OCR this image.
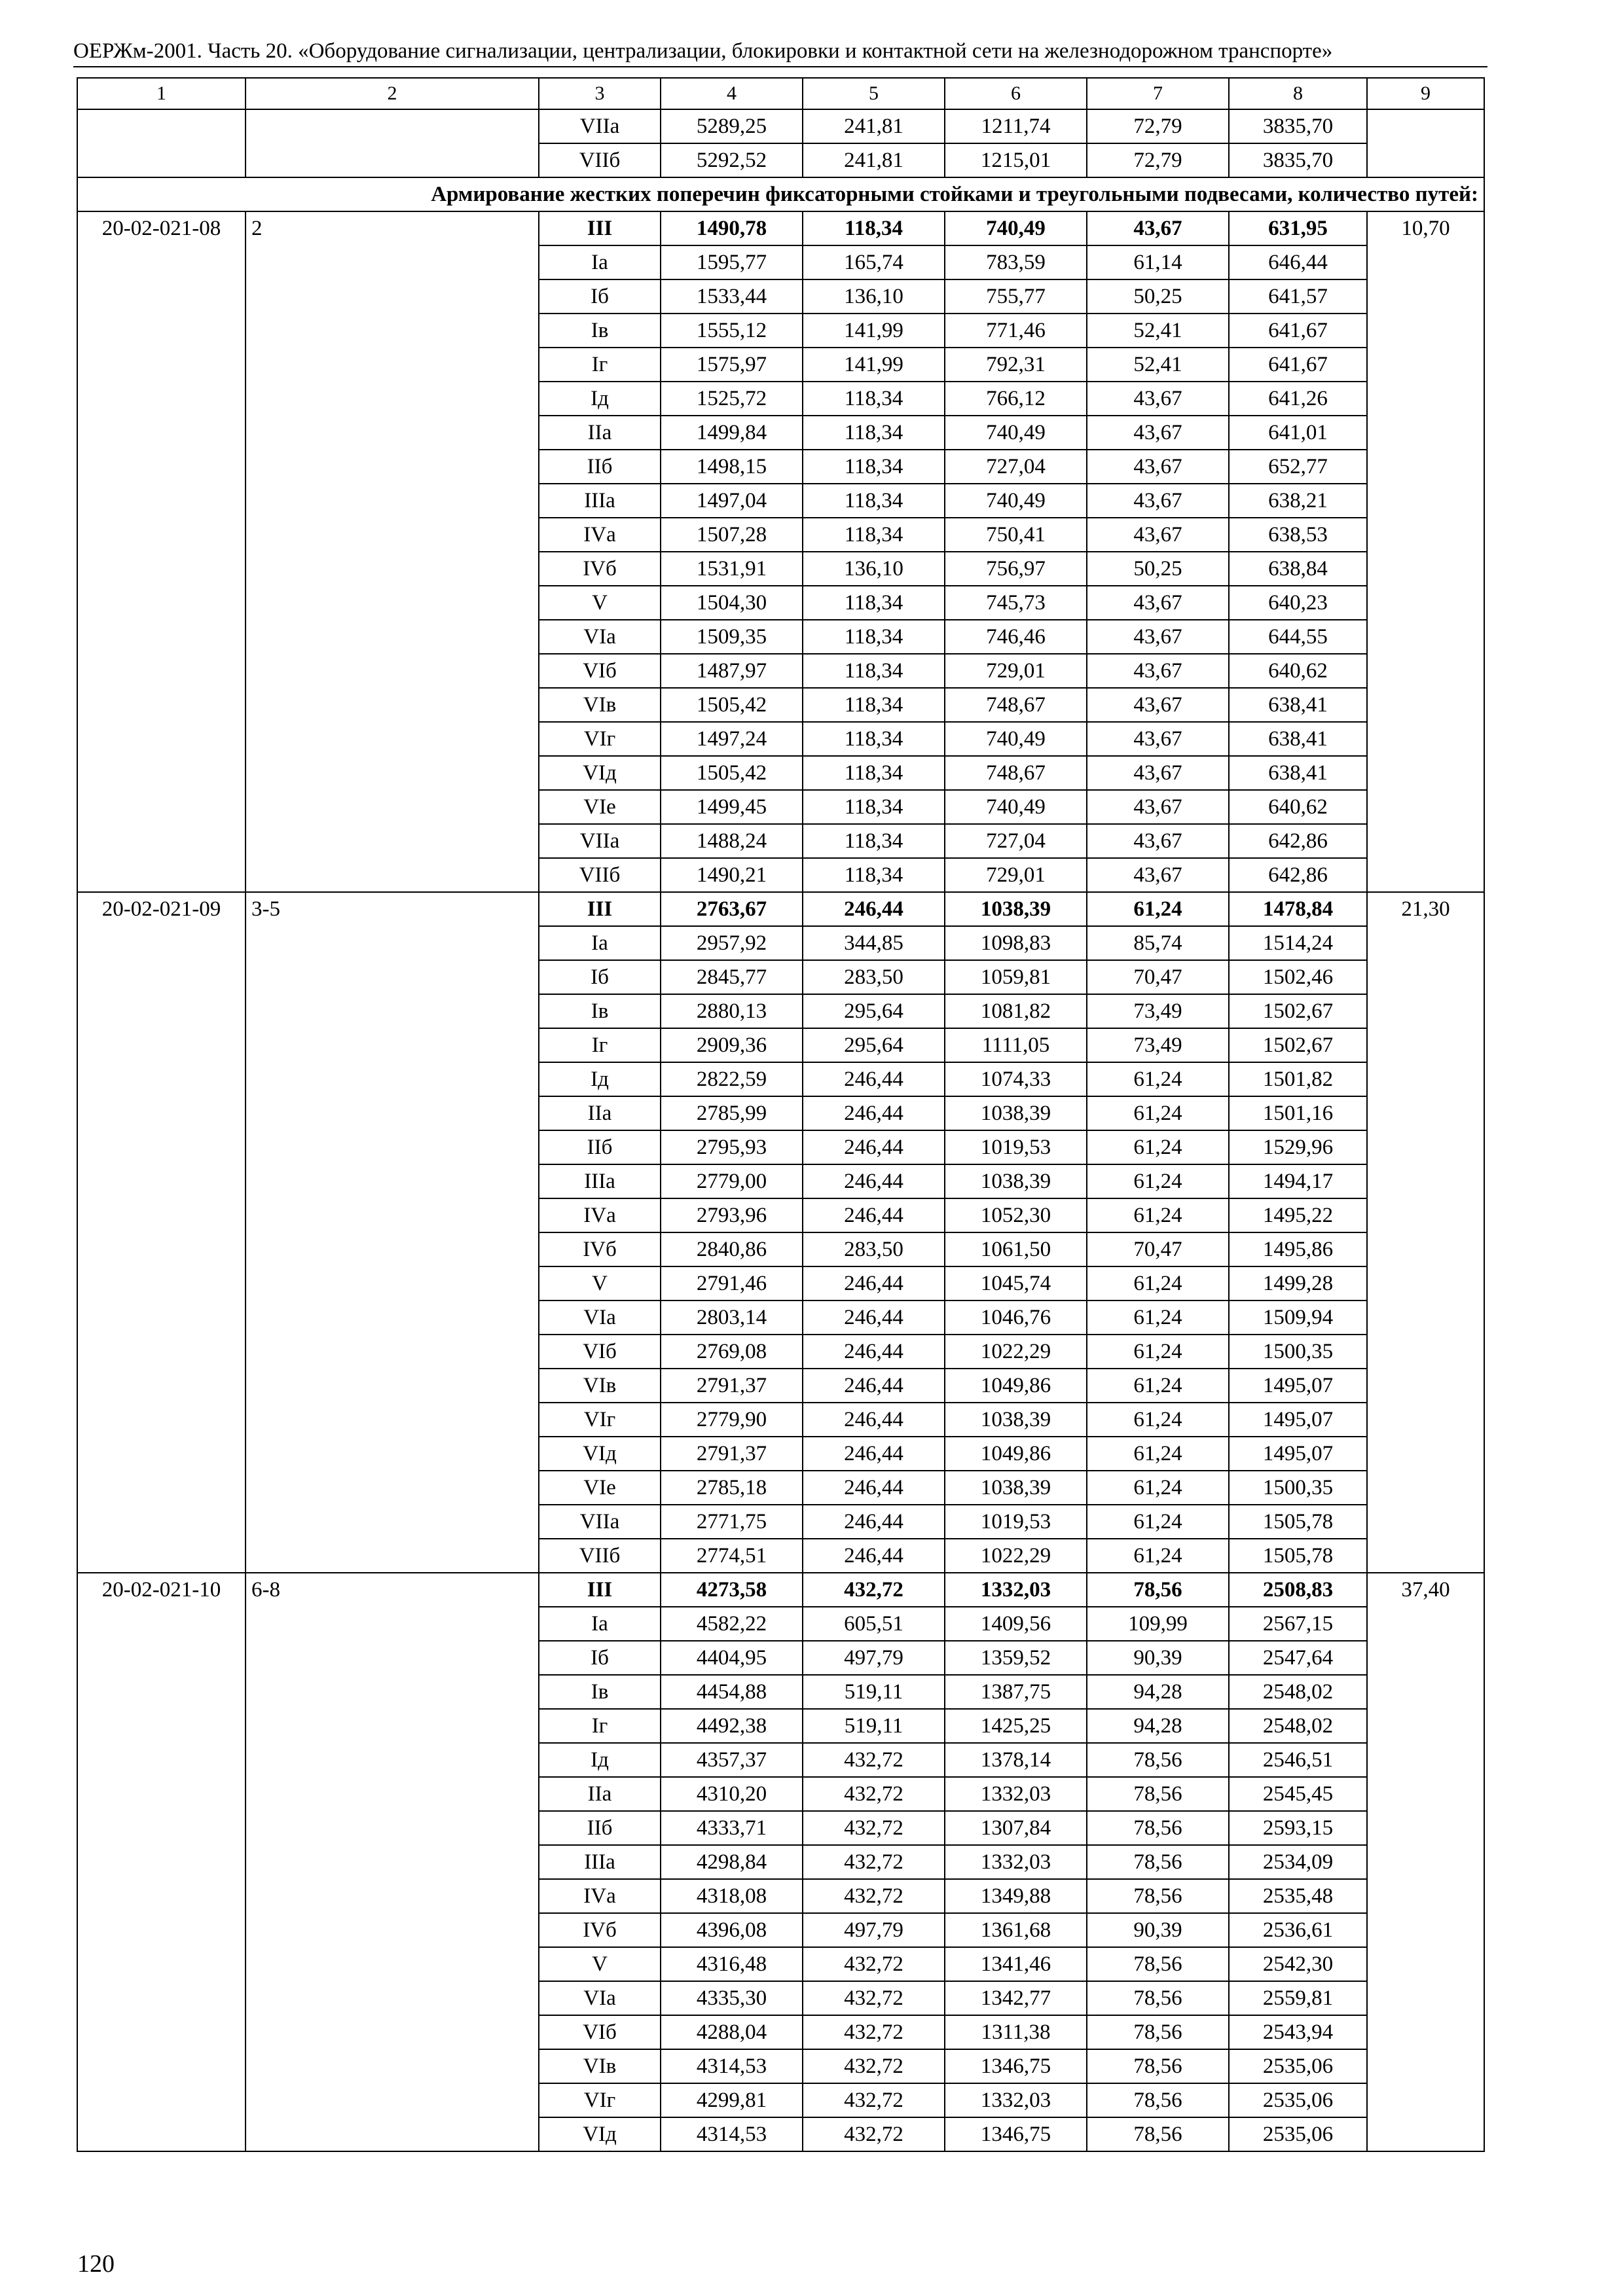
ОЕРЖм-2001. Часть 20. «Оборудование сигнализации, централизации, блокировки и контактной сети на железнодорожном транспорте»
1	2	3	4	5	6	7	8	9
		VIIa	5289,25	241,81	1211,74	72,79	3835,70	
		VIIб	5292,52	241,81	1215,01	72,79	3835,70	
Армирование жестких поперечин фиксаторными стойками и треугольными подвесами, количество путей:								
20-02-021-08	2	III	1490,78	118,34	740,49	43,67	631,95	10,70
		Iа	1595,77	165,74	783,59	61,14	646,44	
		Iб	1533,44	136,10	755,77	50,25	641,57	
		Iв	1555,12	141,99	771,46	52,41	641,67	
		Iг	1575,97	141,99	792,31	52,41	641,67	
		Iд	1525,72	118,34	766,12	43,67	641,26	
		IIа	1499,84	118,34	740,49	43,67	641,01	
		IIб	1498,15	118,34	727,04	43,67	652,77	
		IIIа	1497,04	118,34	740,49	43,67	638,21	
		IVа	1507,28	118,34	750,41	43,67	638,53	
		IVб	1531,91	136,10	756,97	50,25	638,84	
		V	1504,30	118,34	745,73	43,67	640,23	
		VIа	1509,35	118,34	746,46	43,67	644,55	
		VIб	1487,97	118,34	729,01	43,67	640,62	
		VIв	1505,42	118,34	748,67	43,67	638,41	
		VIг	1497,24	118,34	740,49	43,67	638,41	
		VIд	1505,42	118,34	748,67	43,67	638,41	
		VIе	1499,45	118,34	740,49	43,67	640,62	
		VIIа	1488,24	118,34	727,04	43,67	642,86	
		VIIб	1490,21	118,34	729,01	43,67	642,86	
20-02-021-09	3-5	III	2763,67	246,44	1038,39	61,24	1478,84	21,30
		Iа	2957,92	344,85	1098,83	85,74	1514,24	
		Iб	2845,77	283,50	1059,81	70,47	1502,46	
		Iв	2880,13	295,64	1081,82	73,49	1502,67	
		Iг	2909,36	295,64	1111,05	73,49	1502,67	
		Iд	2822,59	246,44	1074,33	61,24	1501,82	
		IIа	2785,99	246,44	1038,39	61,24	1501,16	
		IIб	2795,93	246,44	1019,53	61,24	1529,96	
		IIIа	2779,00	246,44	1038,39	61,24	1494,17	
		IVа	2793,96	246,44	1052,30	61,24	1495,22	
		IVб	2840,86	283,50	1061,50	70,47	1495,86	
		V	2791,46	246,44	1045,74	61,24	1499,28	
		VIа	2803,14	246,44	1046,76	61,24	1509,94	
		VIб	2769,08	246,44	1022,29	61,24	1500,35	
		VIв	2791,37	246,44	1049,86	61,24	1495,07	
		VIг	2779,90	246,44	1038,39	61,24	1495,07	
		VIд	2791,37	246,44	1049,86	61,24	1495,07	
		VIе	2785,18	246,44	1038,39	61,24	1500,35	
		VIIа	2771,75	246,44	1019,53	61,24	1505,78	
		VIIб	2774,51	246,44	1022,29	61,24	1505,78	
20-02-021-10	6-8	III	4273,58	432,72	1332,03	78,56	2508,83	37,40
		Iа	4582,22	605,51	1409,56	109,99	2567,15	
		Iб	4404,95	497,79	1359,52	90,39	2547,64	
		Iв	4454,88	519,11	1387,75	94,28	2548,02	
		Iг	4492,38	519,11	1425,25	94,28	2548,02	
		Iд	4357,37	432,72	1378,14	78,56	2546,51	
		IIа	4310,20	432,72	1332,03	78,56	2545,45	
		IIб	4333,71	432,72	1307,84	78,56	2593,15	
		IIIа	4298,84	432,72	1332,03	78,56	2534,09	
		IVа	4318,08	432,72	1349,88	78,56	2535,48	
		IVб	4396,08	497,79	1361,68	90,39	2536,61	
		V	4316,48	432,72	1341,46	78,56	2542,30	
		VIа	4335,30	432,72	1342,77	78,56	2559,81	
		VIб	4288,04	432,72	1311,38	78,56	2543,94	
		VIв	4314,53	432,72	1346,75	78,56	2535,06	
		VIг	4299,81	432,72	1332,03	78,56	2535,06	
		VIд	4314,53	432,72	1346,75	78,56	2535,06	
120
